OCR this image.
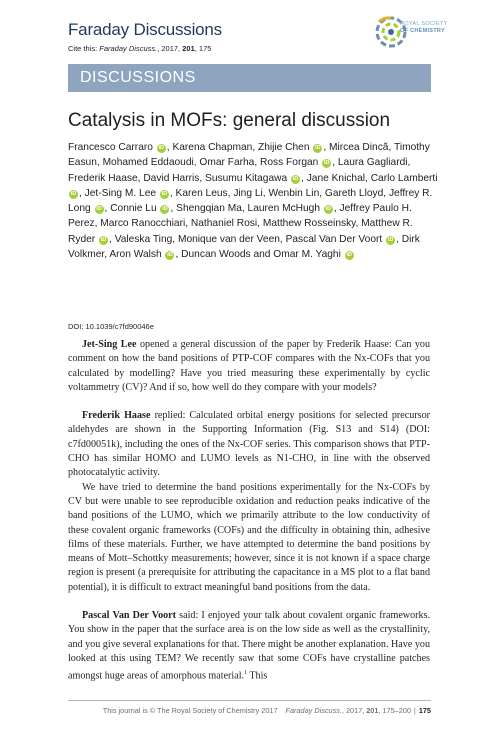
Faraday Discussions
Cite this: Faraday Discuss., 2017, 201, 175
ROYAL SOCIETY
OF CHEMISTRY
DISCUSSIONS
Catalysis in MOFs: general discussion
Francesco Carraro iD , Karena Chapman, Zhijie Chen iD , Mircea Dincă, Timothy Easun, Mohamed Eddaoudi, Omar Farha, Ross Forgan iD , Laura Gagliardi, Frederik Haase, David Harris, Susumu Kitagawa iD , Jane Knichal, Carlo Lamberti iD , Jet-Sing M. Lee iD , Karen Leus, Jing Li, Wenbin Lin, Gareth Lloyd, Jeffrey R. Long iD , Connie Lu iD , Shengqian Ma, Lauren McHugh iD , Jeffrey Paulo H. Perez, Marco Ranocchiari, Nathaniel Rosi, Matthew Rosseinsky, Matthew R. Ryder iD , Valeska Ting, Monique van der Veen, Pascal Van Der Voort iD , Dirk Volkmer, Aron Walsh iD , Duncan Woods and Omar M. Yaghi iD
DOI: 10.1039/c7fd90046e

Jet-Sing Lee opened a general discussion of the paper by Frederik Haase: Can you comment on how the band positions of PTP-COF compares with the Nx-COFs that you calculated by modelling? Have you tried measuring these experimentally by cyclic voltammetry (CV)? And if so, how well do they compare with your models?

Frederik Haase replied: Calculated orbital energy positions for selected precursor aldehydes are shown in the Supporting Information (Fig. S13 and S14) (DOI: c7fd00051k), including the ones of the Nx-COF series. This comparison shows that PTP-CHO has similar HOMO and LUMO levels as N1-CHO, in line with the observed photocatalytic activity.

We have tried to determine the band positions experimentally for the Nx-COFs by CV but were unable to see reproducible oxidation and reduction peaks indicative of the band positions of the LUMO, which we primarily attribute to the low conductivity of these covalent organic frameworks (COFs) and the difficulty in obtaining thin, adhesive films of these materials. Further, we have attempted to determine the band positions by means of Mott–Schottky measurements; however, since it is not known if a space charge region is present (a prerequisite for attributing the capacitance in a MS plot to a flat band potential), it is difficult to extract meaningful band positions from the data.

Pascal Van Der Voort said: I enjoyed your talk about covalent organic frameworks. You show in the paper that the surface area is on the low side as well as the crystallinity, and you give several explanations for that. There might be another explanation. Have you looked at this using TEM? We recently saw that some COFs have crystalline patches amongst huge areas of amorphous material.$^1$ This

This journal is © The Royal Society of Chemistry 2017 Faraday Discuss., 2017, 201, 175–200 | 175
